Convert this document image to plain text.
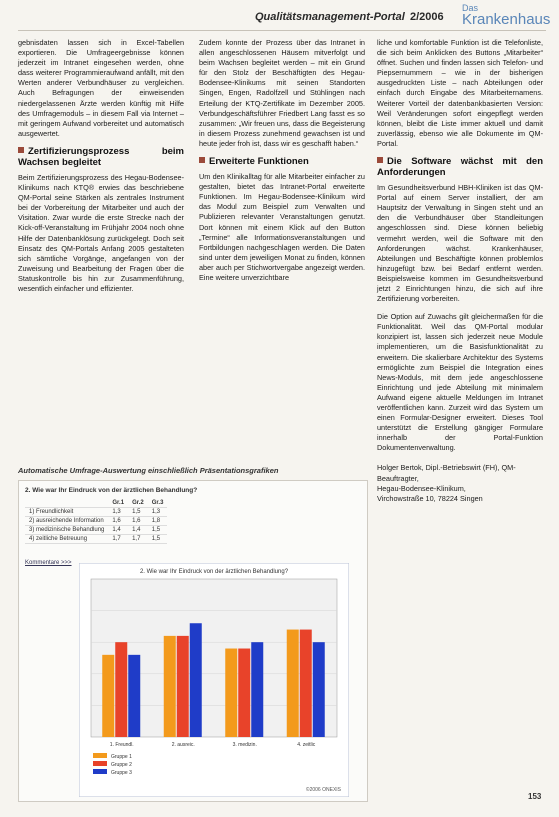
Qualitätsmanagement-Portal 2/2006
Das
Krankenhaus

gebnisdaten lassen sich in Excel-Tabellen exportieren. Die Umfrageergebnisse können jederzeit im Intranet eingesehen werden, ohne dass weiterer Programmieraufwand anfällt, mit den Werten anderer Verbundhäuser zu vergleichen. Auch Befragungen der einweisenden niedergelassenen Ärzte werden künftig mit Hilfe des Umfragemoduls – in diesem Fall via Internet – mit geringem Aufwand vorbereitet und automatisch ausgewertet.

Zertifizierungsprozess beim Wachsen begleitet

Beim Zertifizierungsprozess des Hegau-Bodensee-Klinikums nach KTQ® erwies das beschriebene QM-Portal seine Stärken als zentrales Instrument bei der Vorbereitung der Mitarbeiter und auch der Visitation. Zwar wurde die erste Strecke nach der Kick-off-Veranstaltung im Frühjahr 2004 noch ohne Hilfe der Datenbanklösung zurückgelegt. Doch seit Einsatz des QM-Portals Anfang 2005 gestalteten sich sämtliche Vorgänge, angefangen von der Zuweisung und Bearbeitung der Fragen über die Statuskontrolle bis hin zur Zusammenführung, wesentlich einfacher und effizienter.

Zudem konnte der Prozess über das Intranet in allen angeschlossenen Häusern mitverfolgt und beim Wachsen begleitet werden – mit ein Grund für den Stolz der Beschäftigten des Hegau-Bodensee-Klinikums mit seinen Standorten Singen, Engen, Radolfzell und Stühlingen nach Erteilung der KTQ-Zertifikate im Dezember 2005. Verbundgeschäftsführer Friedbert Lang fasst es so zusammen: „Wir freuen uns, dass die Begeisterung in diesem Prozess zunehmend gewachsen ist und heute jeder froh ist, dass wir es geschafft haben.“

Erweiterte Funktionen

Um den Klinikalltag für alle Mitarbeiter einfacher zu gestalten, bietet das Intranet-Portal erweiterte Funktionen. Im Hegau-Bodensee-Klinikum wird das Modul zum Beispiel zum Verwalten und Publizieren relevanter Veranstaltungen genutzt. Dort können mit einem Klick auf den Button „Termine“ alle Informationsveranstaltungen und Fortbildungen nachgeschlagen werden. Die Daten sind unter dem jeweiligen Monat zu finden, können aber auch per Stichwortvergabe angezeigt werden. Eine weitere unverzichtbare

liche und komfortable Funktion ist die Telefonliste, die sich beim Anklicken des Buttons „Mitarbeiter“ öffnet. Suchen und finden lassen sich Telefon- und Piepsernummern – wie in der bisherigen ausgedruckten Liste – nach Abteilungen oder einfach durch Eingabe des Mitarbeiternamens. Weiterer Vorteil der datenbankbasierten Version: Weil Veränderungen sofort eingepflegt werden können, bleibt die Liste immer aktuell und damit zuverlässig, ebenso wie alle Dokumente im QM-Portal.

Die Software wächst mit den Anforderungen

Im Gesundheitsverbund HBH-Kliniken ist das QM-Portal auf einem Server installiert, der am Hauptsitz der Verwaltung in Singen steht und an den die Verbundhäuser über Standleitungen angeschlossen sind. Diese können beliebig vermehrt werden, weil die Software mit den Anforderungen wächst. Krankenhäuser, Abteilungen und Beschäftigte können problemlos hinzugefügt bzw. bei Bedarf entfernt werden. Beispielsweise kommen im Gesundheitsverbund jetzt 2 Einrichtungen hinzu, die sich auf ihre Zertifizierung vorbereiten.

Die Option auf Zuwachs gilt gleichermaßen für die Funktionalität. Weil das QM-Portal modular konzipiert ist, lassen sich jederzeit neue Module implementieren, um die Basisfunktionalität zu erweitern. Die skalierbare Architektur des Systems ermöglichte zum Beispiel die Integration eines News-Moduls, mit dem jede angeschlossene Einrichtung und jede Abteilung mit minimalem Aufwand eigene aktuelle Meldungen im Intranet veröffentlichen kann. Zurzeit wird das System um einen Formular-Designer erweitert. Dieses Tool unterstützt die Erstellung gängiger Formulare innerhalb der Portal-Funktion Dokumentenverwaltung.

Holger Bertok, Dipl.-Betriebswirt (FH), QM-Beauftragter,
Hegau-Bodensee-Klinikum,
Virchowstraße 10, 78224 Singen

Automatische Umfrage-Auswertung einschließlich Präsentationsgrafiken
2. Wie war Ihr Eindruck von der ärztlichen Behandlung?
	Gr.1	Gr.2	Gr.3
1) Freundlichkeit	1,3	1,5	1,3
2) ausreichende Information	1,6	1,6	1,8
3) medizinische Behandlung	1,4	1,4	1,5
4) zeitliche Betreuung	1,7	1,7	1,5
Kommentare >>>
2. Wie war Ihr Eindruck von der ärztlichen Behandlung?
1. Freundl.	2. ausreic.	3. medizin.	4. zeitlic
Gruppe 1
Gruppe 2
Gruppe 3
©2006 ONEXIS
153
